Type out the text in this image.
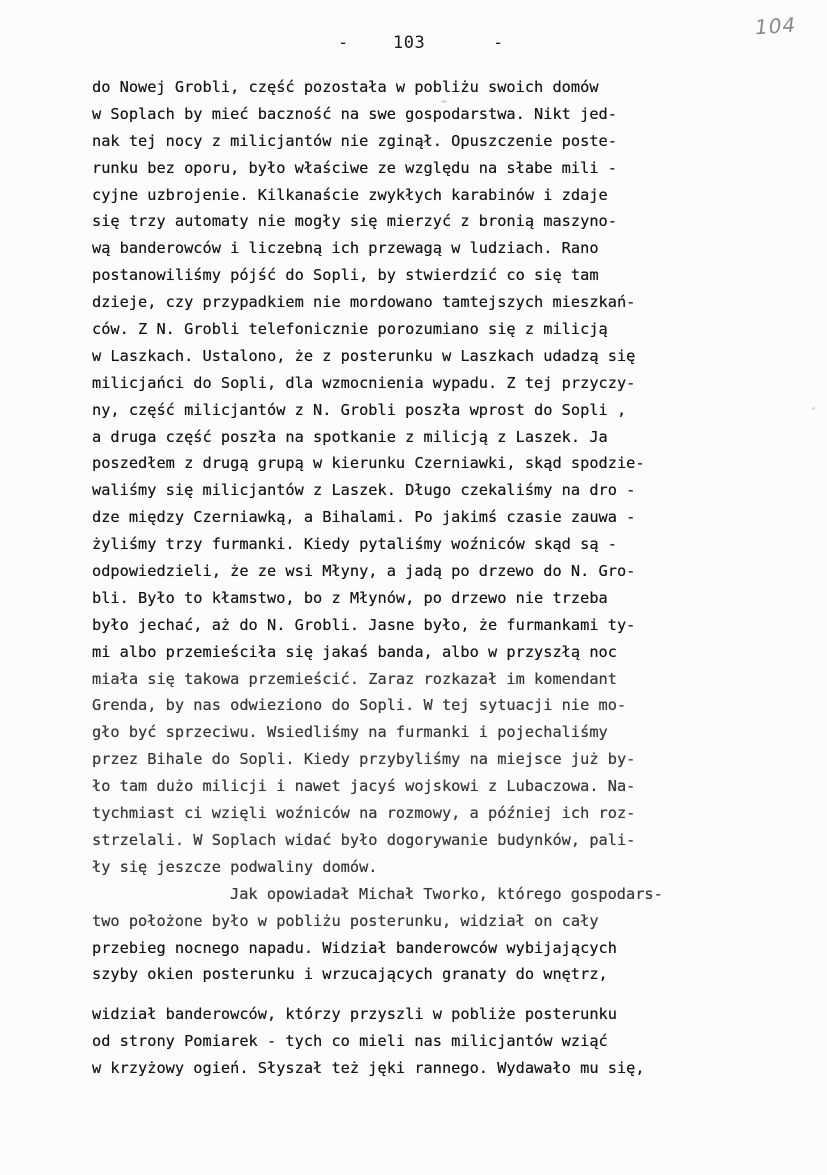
-	103	-
104
do Nowej Grobli, część pozostała w pobliżu swoich domów
w Soplach by mieć baczność na swe gospodarstwa. Nikt jed-
nak tej nocy z milicjantów nie zginął. Opuszczenie poste-
runku bez oporu, było właściwe ze względu na słabe mili -
cyjne uzbrojenie. Kilkanaście zwykłych karabinów i zdaje
się trzy automaty nie mogły się mierzyć z bronią maszyno-
wą banderowców i liczebną ich przewagą w ludziach. Rano
postanowiliśmy pójść do Sopli, by stwierdzić co się tam
dzieje, czy przypadkiem nie mordowano tamtejszych mieszkań-
ców. Z N. Grobli telefonicznie porozumiano się z milicją
w Laszkach. Ustalono, że z posterunku w Laszkach udadzą się
milicjańci do Sopli, dla wzmocnienia wypadu. Z tej przyczy-
ny, część milicjantów z N. Grobli poszła wprost do Sopli ,
a druga część poszła na spotkanie z milicją z Laszek. Ja
poszedłem z drugą grupą w kierunku Czerniawki, skąd spodzie-
waliśmy się milicjantów z Laszek. Długo czekaliśmy na dro -
dze między Czerniawką, a Bihalami. Po jakimś czasie zauwa -
żyliśmy trzy furmanki. Kiedy pytaliśmy woźniców skąd są -
odpowiedzieli, że ze wsi Młyny, a jadą po drzewo do N. Gro-
bli. Było to kłamstwo, bo z Młynów, po drzewo nie trzeba
było jechać, aż do N. Grobli. Jasne było, że furmankami ty-
mi albo przemieściła się jakaś banda, albo w przyszłą noc
miała się takowa przemieścić. Zaraz rozkazał im komendant
Grenda, by nas odwieziono do Sopli. W tej sytuacji nie mo-
gło być sprzeciwu. Wsiedliśmy na furmanki i pojechaliśmy
przez Bihale do Sopli. Kiedy przybyliśmy na miejsce już by-
ło tam dużo milicji i nawet jacyś wojskowi z Lubaczowa. Na-
tychmiast ci wzięli woźniców na rozmowy, a później ich roz-
strzelali. W Soplach widać było dogorywanie budynków, pali-
ły się jeszcze podwaliny domów.
Jak opowiadał Michał Tworko, którego gospodars-
two położone było w pobliżu posterunku, widział on cały
przebieg nocnego napadu. Widział banderowców wybijających
szyby okien posterunku i wrzucających granaty do wnętrz,
widział banderowców, którzy przyszli w pobliże posterunku
od strony Pomiarek - tych co mieli nas milicjantów wziąć
w krzyżowy ogień. Słyszał też jęki rannego. Wydawało mu się,
